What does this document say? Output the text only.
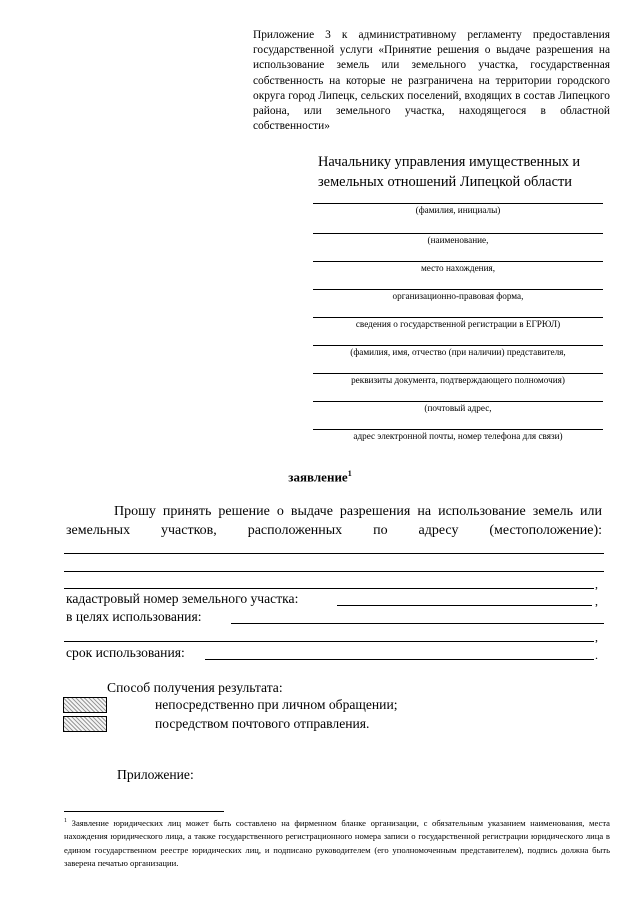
Приложение 3 к административному регламенту предоставления государственной услуги «Принятие решения о выдаче разрешения на использование земель или земельного участка, государственная собственность на которые не разграничена на территории городского округа город Липецк, сельских поселений, входящих в состав Липецкого района, или земельного участка, находящегося в областной собственности»
Начальнику управления имущественных и земельных отношений Липецкой области
(фамилия, инициалы)
(наименование,
место нахождения,
организационно-правовая форма,
сведения о государственной регистрации в ЕГРЮЛ)
(фамилия, имя, отчество (при наличии) представителя,
реквизиты документа, подтверждающего полномочия)
(почтовый адрес,
адрес электронной почты, номер телефона для связи)
заявление$^1$
Прошу принять решение о выдаче разрешения на использование земель или земельных участков, расположенных по адресу (местоположение):
,
кадастровый номер земельного участка:	,
в целях использования:
,
срок использования:	.
Способ получения результата:
непосредственно при личном обращении;
посредством почтового отправления.
Приложение:
$^1$ Заявление юридических лиц может быть составлено на фирменном бланке организации, с обязательным указанием наименования, места нахождения юридического лица, а также государственного регистрационного номера записи о государственной регистрации юридического лица в едином государственном реестре юридических лиц, и подписано руководителем (его уполномоченным представителем), подпись должна быть заверена печатью организации.
